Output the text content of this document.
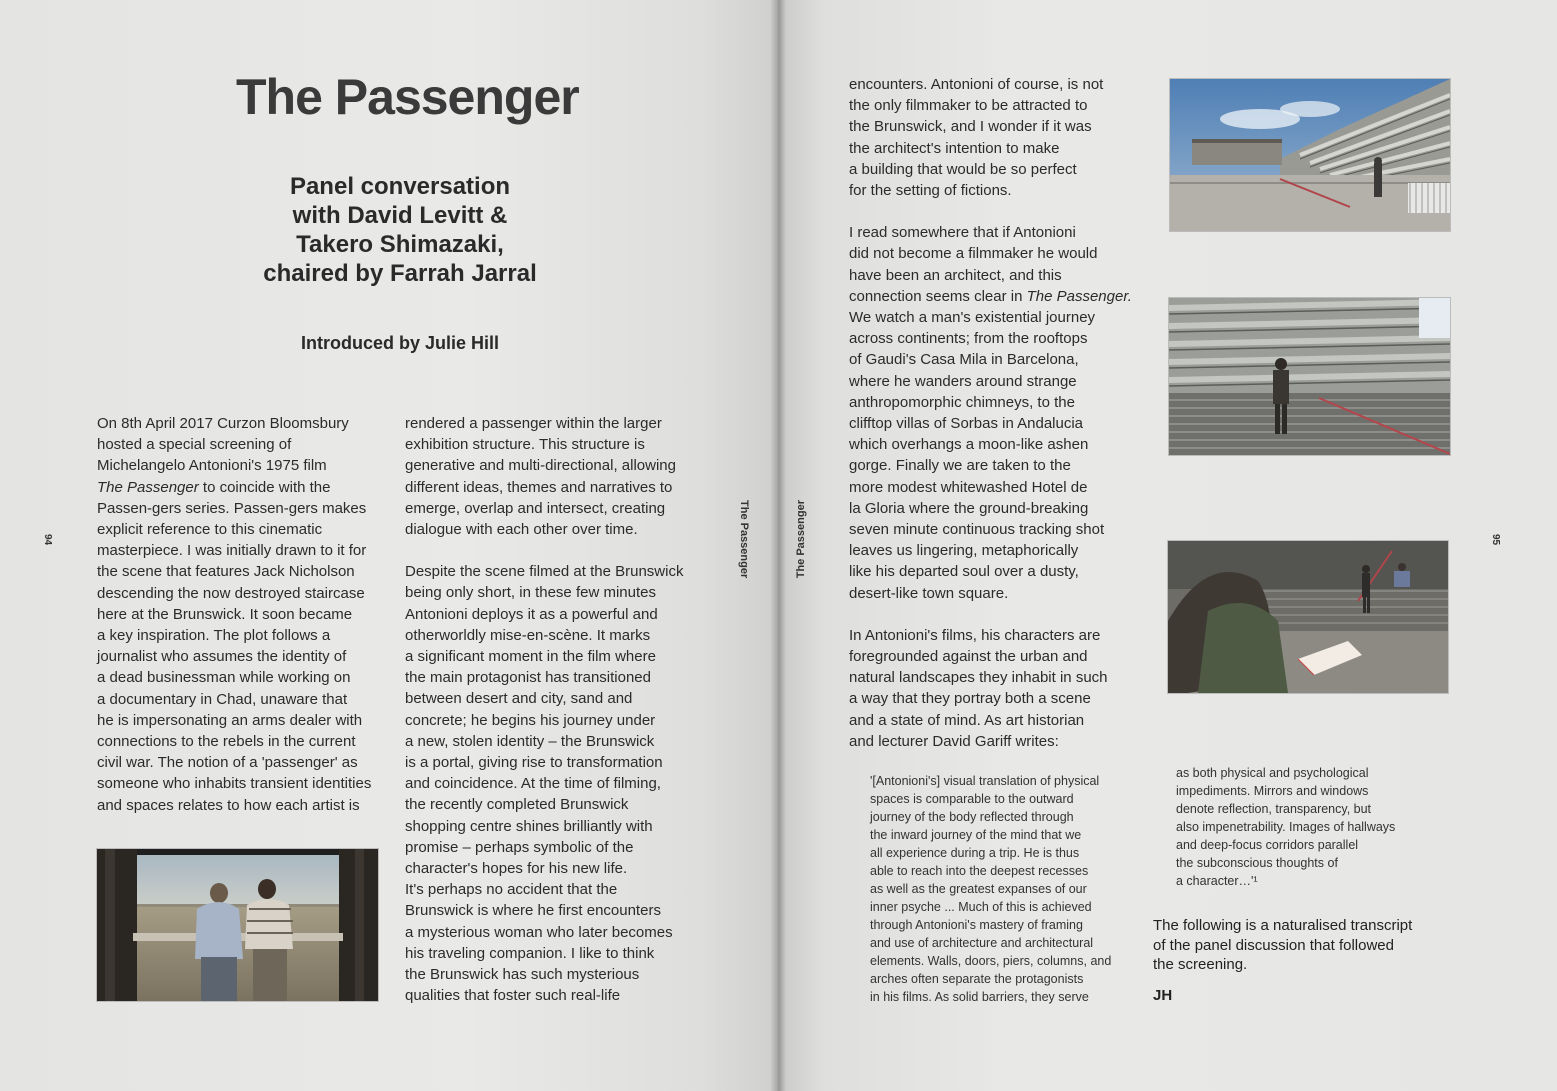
The Passenger
Panel conversation
with David Levitt &
Takero Shimazaki,
chaired by Farrah Jarral
Introduced by Julie Hill
94	The Passenger
On 8th April 2017 Curzon Bloomsbury
hosted a special screening of
Michelangelo Antonioni's 1975 film
The Passenger to coincide with the
Passen-gers series. Passen-gers makes
explicit reference to this cinematic
masterpiece. I was initially drawn to it for
the scene that features Jack Nicholson
descending the now destroyed staircase
here at the Brunswick. It soon became
a key inspiration. The plot follows a
journalist who assumes the identity of
a dead businessman while working on
a documentary in Chad, unaware that
he is impersonating an arms dealer with
connections to the rebels in the current
civil war. The notion of a 'passenger' as
someone who inhabits transient identities
and spaces relates to how each artist is
rendered a passenger within the larger
exhibition structure. This structure is
generative and multi-directional, allowing
different ideas, themes and narratives to
emerge, overlap and intersect, creating
dialogue with each other over time.
Despite the scene filmed at the Brunswick
being only short, in these few minutes
Antonioni deploys it as a powerful and
otherworldly mise-en-scène. It marks
a significant moment in the film where
the main protagonist has transitioned
between desert and city, sand and
concrete; he begins his journey under
a new, stolen identity – the Brunswick
is a portal, giving rise to transformation
and coincidence. At the time of filming,
the recently completed Brunswick
shopping centre shines brilliantly with
promise – perhaps symbolic of the
character's hopes for his new life.
It's perhaps no accident that the
Brunswick is where he first encounters
a mysterious woman who later becomes
his traveling companion. I like to think
the Brunswick has such mysterious
qualities that foster such real-life
The Passenger	95
encounters. Antonioni of course, is not
the only filmmaker to be attracted to
the Brunswick, and I wonder if it was
the architect's intention to make
a building that would be so perfect
for the setting of fictions.
I read somewhere that if Antonioni
did not become a filmmaker he would
have been an architect, and this
connection seems clear in The Passenger.
We watch a man's existential journey
across continents; from the rooftops
of Gaudi's Casa Mila in Barcelona,
where he wanders around strange
anthropomorphic chimneys, to the
clifftop villas of Sorbas in Andalucia
which overhangs a moon-like ashen
gorge. Finally we are taken to the
more modest whitewashed Hotel de
la Gloria where the ground-breaking
seven minute continuous tracking shot
leaves us lingering, metaphorically
like his departed soul over a dusty,
desert-like town square.
In Antonioni's films, his characters are
foregrounded against the urban and
natural landscapes they inhabit in such
a way that they portray both a scene
and a state of mind. As art historian
and lecturer David Gariff writes:
'[Antonioni's] visual translation of physical
spaces is comparable to the outward
journey of the body reflected through
the inward journey of the mind that we
all experience during a trip. He is thus
able to reach into the deepest recesses
as well as the greatest expanses of our
inner psyche ... Much of this is achieved
through Antonioni's mastery of framing
and use of architecture and architectural
elements. Walls, doors, piers, columns, and
arches often separate the protagonists
in his films. As solid barriers, they serve
as both physical and psychological
impediments. Mirrors and windows
denote reflection, transparency, but
also impenetrability. Images of hallways
and deep-focus corridors parallel
the subconscious thoughts of
a character…'¹
The following is a naturalised transcript
of the panel discussion that followed
the screening.
JH
